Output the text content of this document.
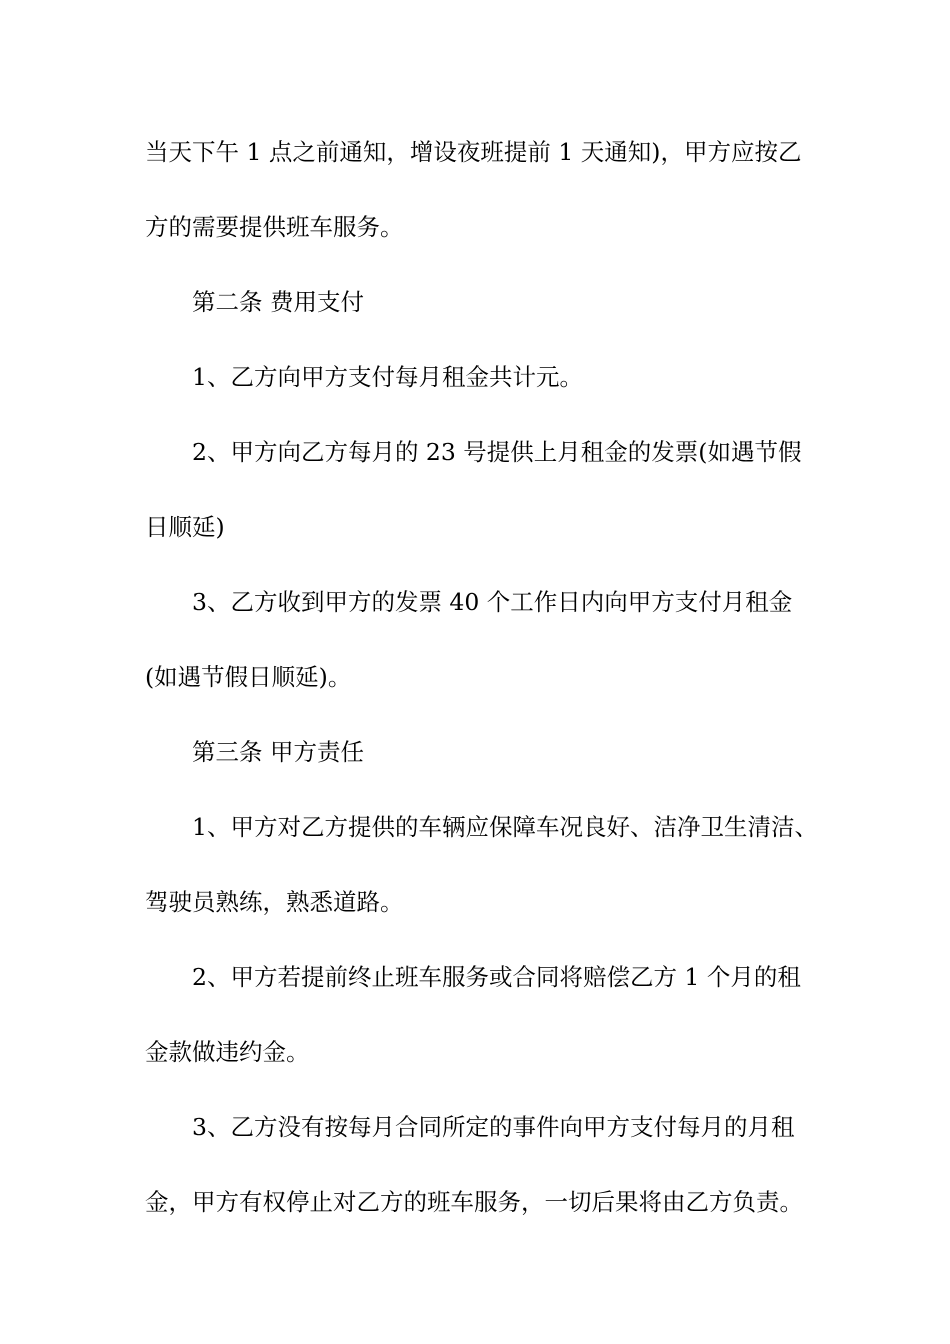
当天下午 1 点之前通知，增设夜班提前 1 天通知)，甲方应按乙
方的需要提供班车服务。
第二条 费用支付
1、乙方向甲方支付每月租金共计元。
2、甲方向乙方每月的 23 号提供上月租金的发票(如遇节假
日顺延)
3、乙方收到甲方的发票 40 个工作日内向甲方支付月租金
(如遇节假日顺延)。
第三条 甲方责任
1、甲方对乙方提供的车辆应保障车况良好、洁净卫生清洁、
驾驶员熟练，熟悉道路。
2、甲方若提前终止班车服务或合同将赔偿乙方 1 个月的租
金款做违约金。
3、乙方没有按每月合同所定的事件向甲方支付每月的月租
金，甲方有权停止对乙方的班车服务，一切后果将由乙方负责。
